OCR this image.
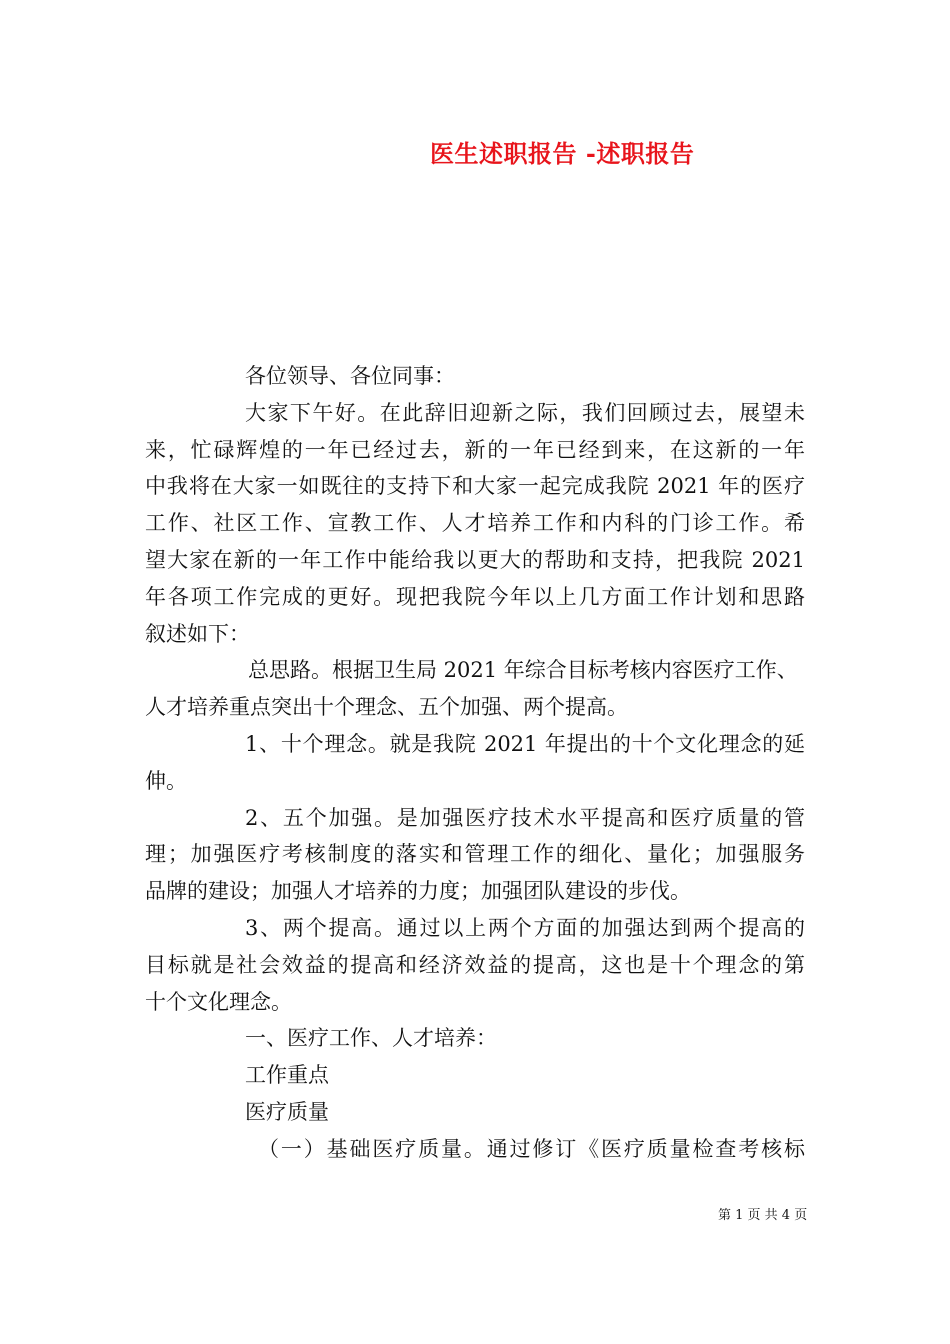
医生述职报告 -述职报告
各位领导、各位同事：
大家下午好。在此辞旧迎新之际，我们回顾过去，展望未
来，忙碌辉煌的一年已经过去，新的一年已经到来，在这新的一年
中我将在大家一如既往的支持下和大家一起完成我院 2021 年的医疗
工作、社区工作、宣教工作、人才培养工作和内科的门诊工作。希
望大家在新的一年工作中能给我以更大的帮助和支持，把我院 2021
年各项工作完成的更好。现把我院今年以上几方面工作计划和思路
叙述如下：
总思路。根据卫生局 2021 年综合目标考核内容医疗工作、
人才培养重点突出十个理念、五个加强、两个提高。
1、十个理念。就是我院 2021 年提出的十个文化理念的延
伸。
2、五个加强。是加强医疗技术水平提高和医疗质量的管
理；加强医疗考核制度的落实和管理工作的细化、量化；加强服务
品牌的建设；加强人才培养的力度；加强团队建设的步伐。
3、两个提高。通过以上两个方面的加强达到两个提高的
目标就是社会效益的提高和经济效益的提高，这也是十个理念的第
十个文化理念。
一、医疗工作、人才培养：
工作重点
医疗质量
（一）基础医疗质量。通过修订《医疗质量检查考核标
第 1 页 共 4 页
